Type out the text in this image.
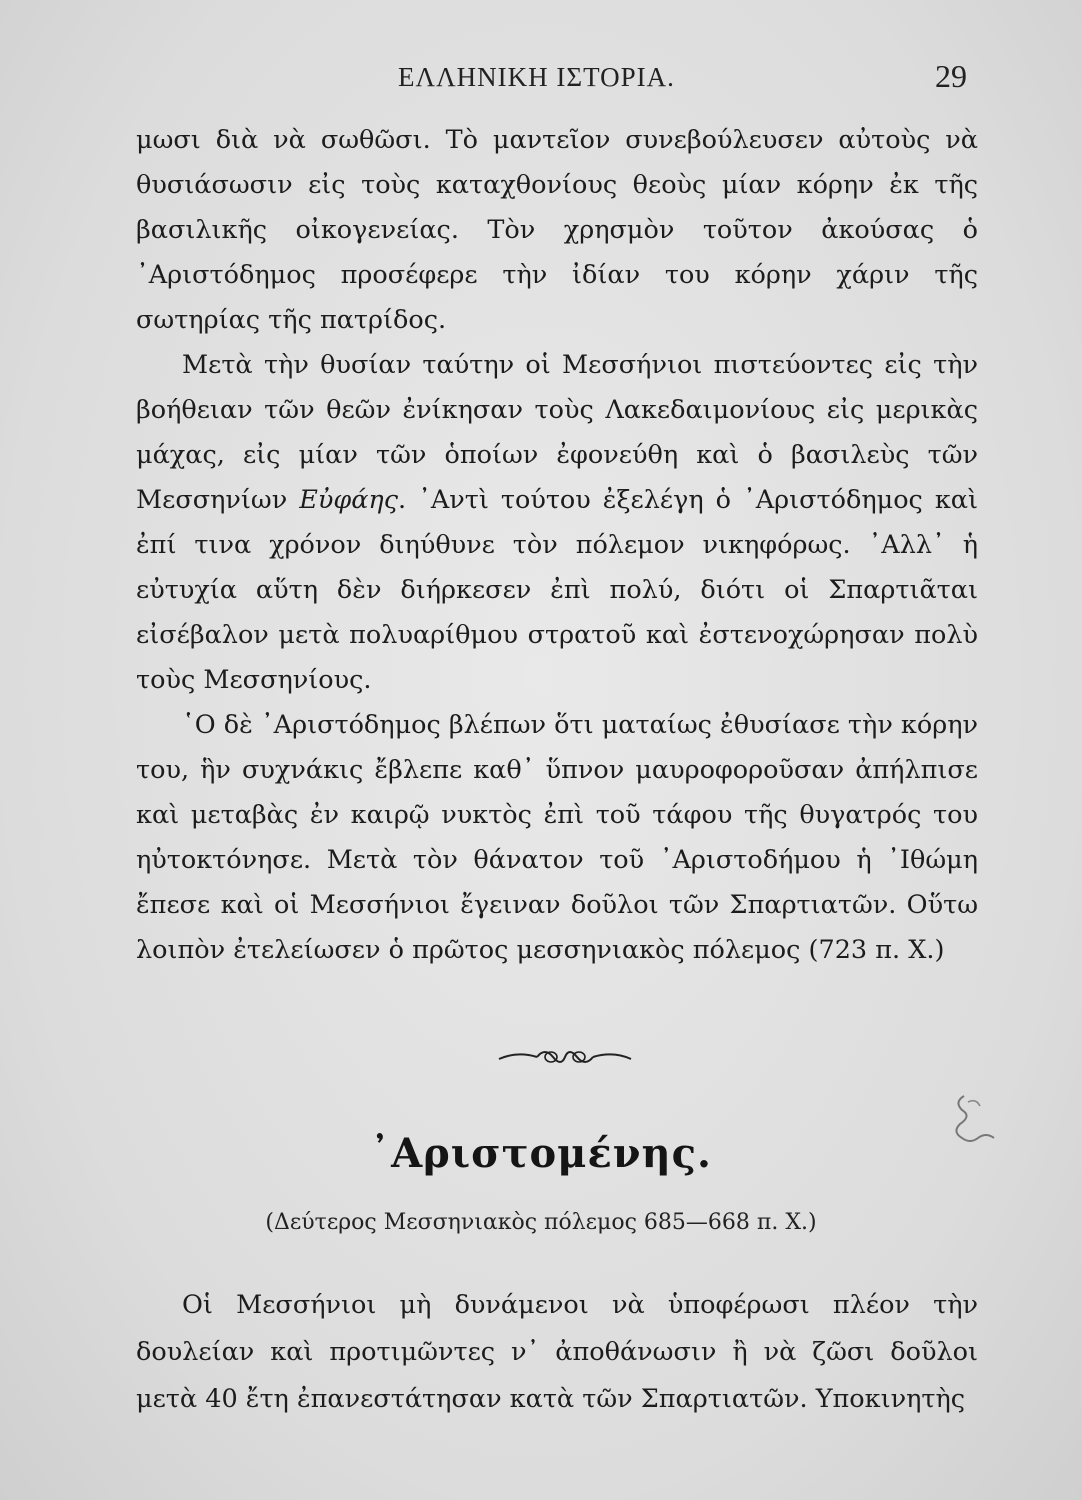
ΕΛΛΗΝΙΚΗ ΙΣΤΟΡΙΑ.	29

μωσι διὰ νὰ σωθῶσι. Τὸ μαντεῖον συνεβούλευσεν αὐτοὺς νὰ θυσιάσωσιν εἰς τοὺς καταχθονίους θεοὺς μίαν κόρην ἐκ τῆς βασιλικῆς οἰκογενείας. Τὸν χρησμὸν τοῦτον ἀκούσας ὁ ᾿Αριστόδημος προσέφερε τὴν ἰδίαν του κόρην χάριν τῆς σωτηρίας τῆς πατρίδος.

Μετὰ τὴν θυσίαν ταύτην οἱ Μεσσήνιοι πιστεύοντες εἰς τὴν βοήθειαν τῶν θεῶν ἐνίκησαν τοὺς Λακεδαιμονίους εἰς μερικὰς μάχας, εἰς μίαν τῶν ὁποίων ἐφονεύθη καὶ ὁ βασιλεὺς τῶν Μεσσηνίων Εὐφάης. ᾿Αντὶ τούτου ἐξελέγη ὁ ᾿Αριστόδημος καὶ ἐπί τινα χρόνον διηύθυνε τὸν πόλεμον νικηφόρως. ᾿Αλλ᾿ ἡ εὐτυχία αὕτη δὲν διήρκεσεν ἐπὶ πολύ, διότι οἱ Σπαρτιᾶται εἰσέβαλον μετὰ πολυαρίθμου στρατοῦ καὶ ἐστενοχώρησαν πολὺ τοὺς Μεσσηνίους.

῾Ο δὲ ᾿Αριστόδημος βλέπων ὅτι ματαίως ἐθυσίασε τὴν κόρην του, ἣν συχνάκις ἔβλεπε καθ᾿ ὕπνον μαυροφοροῦσαν ἀπήλπισε καὶ μεταβὰς ἐν καιρῷ νυκτὸς ἐπὶ τοῦ τάφου τῆς θυγατρός του ηὐτοκτόνησε. Μετὰ τὸν θάνατον τοῦ ᾿Αριστοδήμου ἡ ᾿Ιθώμη ἔπεσε καὶ οἱ Μεσσήνιοι ἔγειναν δοῦλοι τῶν Σπαρτιατῶν. Οὕτω λοιπὸν ἐτελείωσεν ὁ πρῶτος μεσσηνιακὸς πόλεμος (723 π. Χ.)

᾿Αριστομένης.
(Δεύτερος Μεσσηνιακὸς πόλεμος 685—668 π. Χ.)

Οἱ Μεσσήνιοι μὴ δυνάμενοι νὰ ὑποφέρωσι πλέον τὴν δουλείαν καὶ προτιμῶντες ν᾿ ἀποθάνωσιν ἢ νὰ ζῶσι δοῦλοι μετὰ 40 ἔτη ἐπανεστάτησαν κατὰ τῶν Σπαρτιατῶν. Υποκινητὴς
